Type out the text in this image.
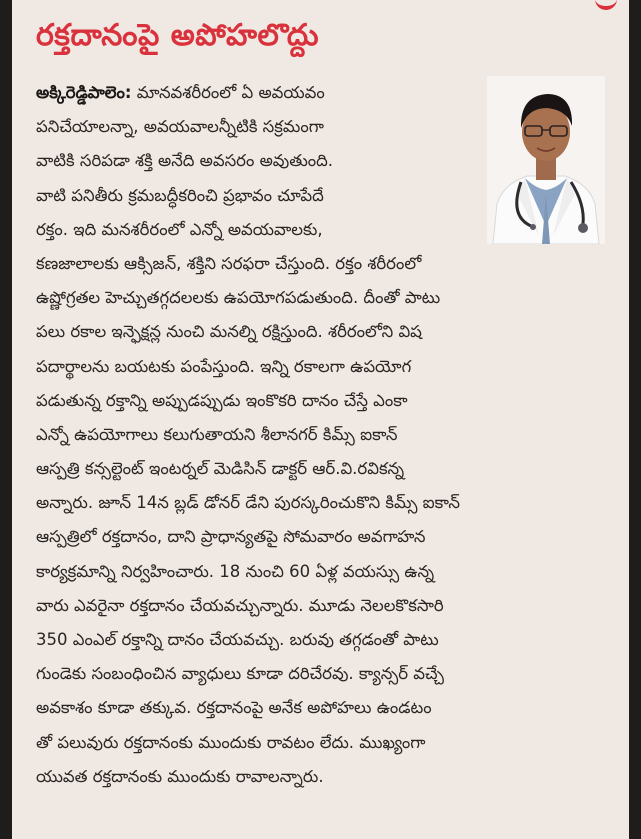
రక్తదానంపై అపోహలొద్దు
అక్కిరెడ్డిపాలెం: మానవశరీరంలో ఏ అవయవం
పనిచేయాలన్నా, అవయవాలన్నీటికి సక్రమంగా
వాటికి సరిపడా శక్తి అనేది అవసరం అవుతుంది.
వాటి పనితీరు క్రమబద్ధీకరించి ప్రభావం చూపేదే
రక్తం. ఇది మనశరీరంలో ఎన్నో అవయవాలకు,
కణజాలాలకు ఆక్సిజన్, శక్తిని సరఫరా చేస్తుంది. రక్తం శరీరంలో
ఉష్ణోగ్రతల హెచ్చుతగ్గదలలకు ఉపయోగపడుతుంది. దీంతో పాటు
పలు రకాల ఇన్ఫెక్షన్ల నుంచి మనల్ని రక్షిస్తుంది. శరీరంలోని విష
పదార్థాలను బయటకు పంపేస్తుంది. ఇన్ని రకాలగా ఉపయోగ
పడుతున్న రక్తాన్ని అప్పుడప్పుడు ఇంకొకరి దానం చేస్తే ఎంకా
ఎన్నో ఉపయోగాలు కలుగుతాయని శీలానగర్ కిమ్స్ ఐకాన్
ఆస్పత్రి కన్సల్టెంట్ ఇంటర్నల్ మెడిసిన్ డాక్టర్ ఆర్.వి.రవికన్న
అన్నారు. జూన్ 14న బ్లడ్ డోనర్ డేని పురస్కరించుకొని కిమ్స్ ఐకాన్
ఆస్పత్రిలో రక్తదానం, దాని ప్రాధాన్యతపై సోమవారం అవగాహన
కార్యక్రమాన్ని నిర్వహించారు. 18 నుంచి 60 ఏళ్ల వయస్సు ఉన్న
వారు ఎవరైనా రక్తదానం చేయవచ్చున్నారు. మూడు నెలలకొకసారి
350 ఎంఎల్ రక్తాన్ని దానం చేయవచ్చు. బరువు తగ్గడంతో పాటు
గుండెకు సంబంధించిన వ్యాధులు కూడా దరిచేరవు. క్యాన్సర్ వచ్చే
అవకాశం కూడా తక్కువ. రక్తదానంపై అనేక అపోహలు ఉండటం
తో పలువురు రక్తదానంకు ముందుకు రావటం లేదు. ముఖ్యంగా
యువత రక్తదానంకు ముందుకు రావాలన్నారు.
